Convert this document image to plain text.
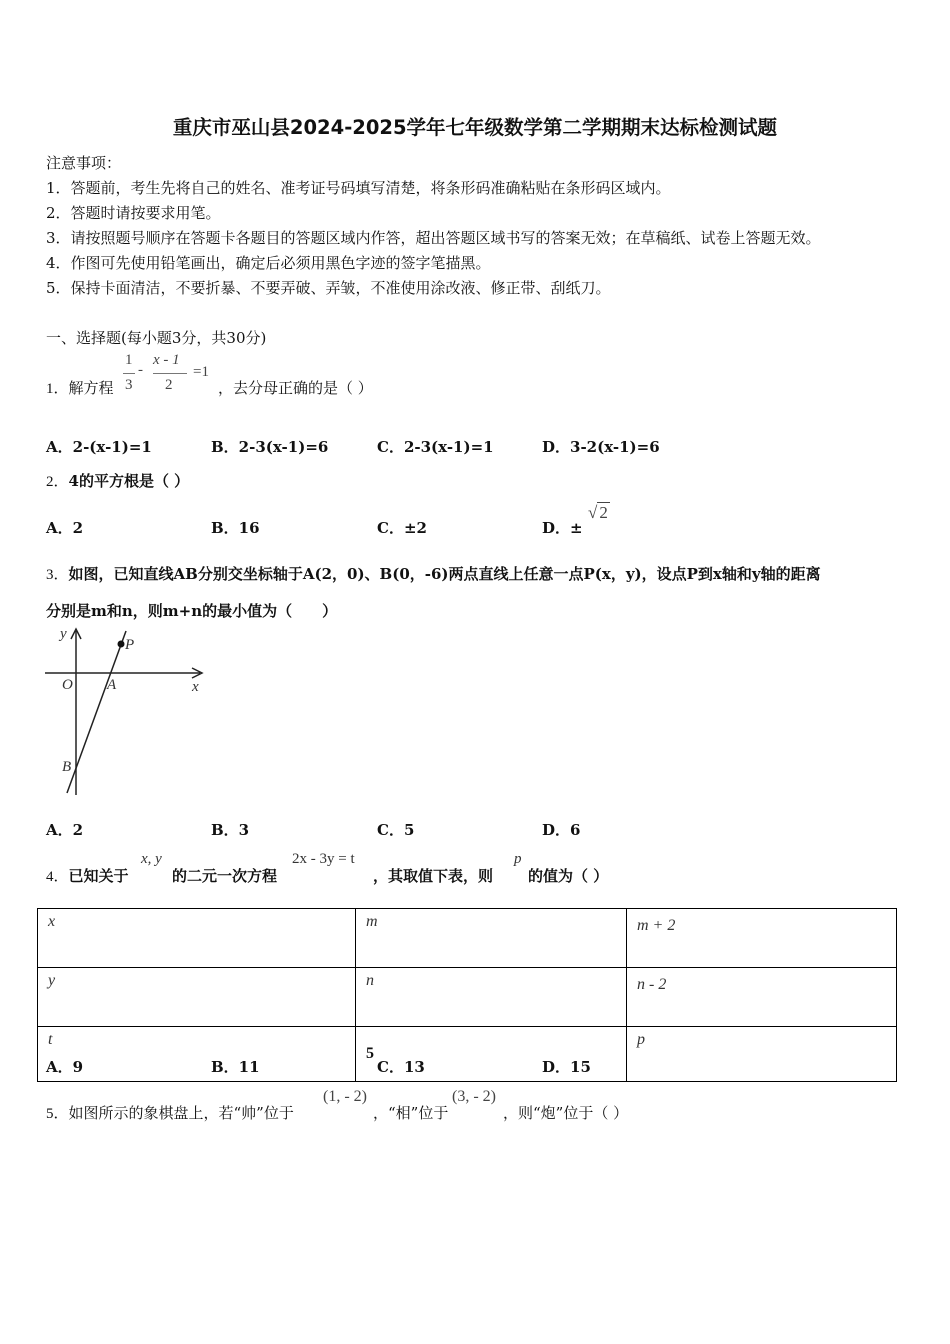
重庆市巫山县2024-2025学年七年级数学第二学期期末达标检测试题
注意事项：
1．答题前，考生先将自己的姓名、准考证号码填写清楚，将条形码准确粘贴在条形码区域内。
2．答题时请按要求用笔。
3．请按照题号顺序在答题卡各题目的答题区域内作答，超出答题区域书写的答案无效；在草稿纸、试卷上答题无效。
4．作图可先使用铅笔画出，确定后必须用黑色字迹的签字笔描黑。
5．保持卡面清洁，不要折暴、不要弄破、弄皱，不准使用涂改液、修正带、刮纸刀。
一、选择题(每小题3分，共30分)
1．解方程
1
3
-
x - 1
2
=1
，去分母正确的是（ ）
A．2-(x-1)=1	B．2-3(x-1)=6	C．2-3(x-1)=1	D．3-2(x-1)=6
2．4的平方根是（ ）
A．2	B．16	C．±2	D．±
√ 2
3．如图，已知直线AB分别交坐标轴于A(2，0)、B(0，-6)两点直线上任意一点P(x，y)，设点P到x轴和y轴的距离
分别是m和n，则m+n的最小值为（　　）
y
P
O A	x
B
A．2	B．3	C．5	D．6
4．已知关于
x, y
的二元一次方程
2x - 3y = t
，其取值下表，则
p
的值为（ ）
x	m	m + 2
y	n	n - 2
t	5	p
A．9	B．11	C．13	D．15
5．如图所示的象棋盘上，若“帅”位于
(1, - 2)
，“相”位于
(3, - 2)
，则“炮”位于（ ）
